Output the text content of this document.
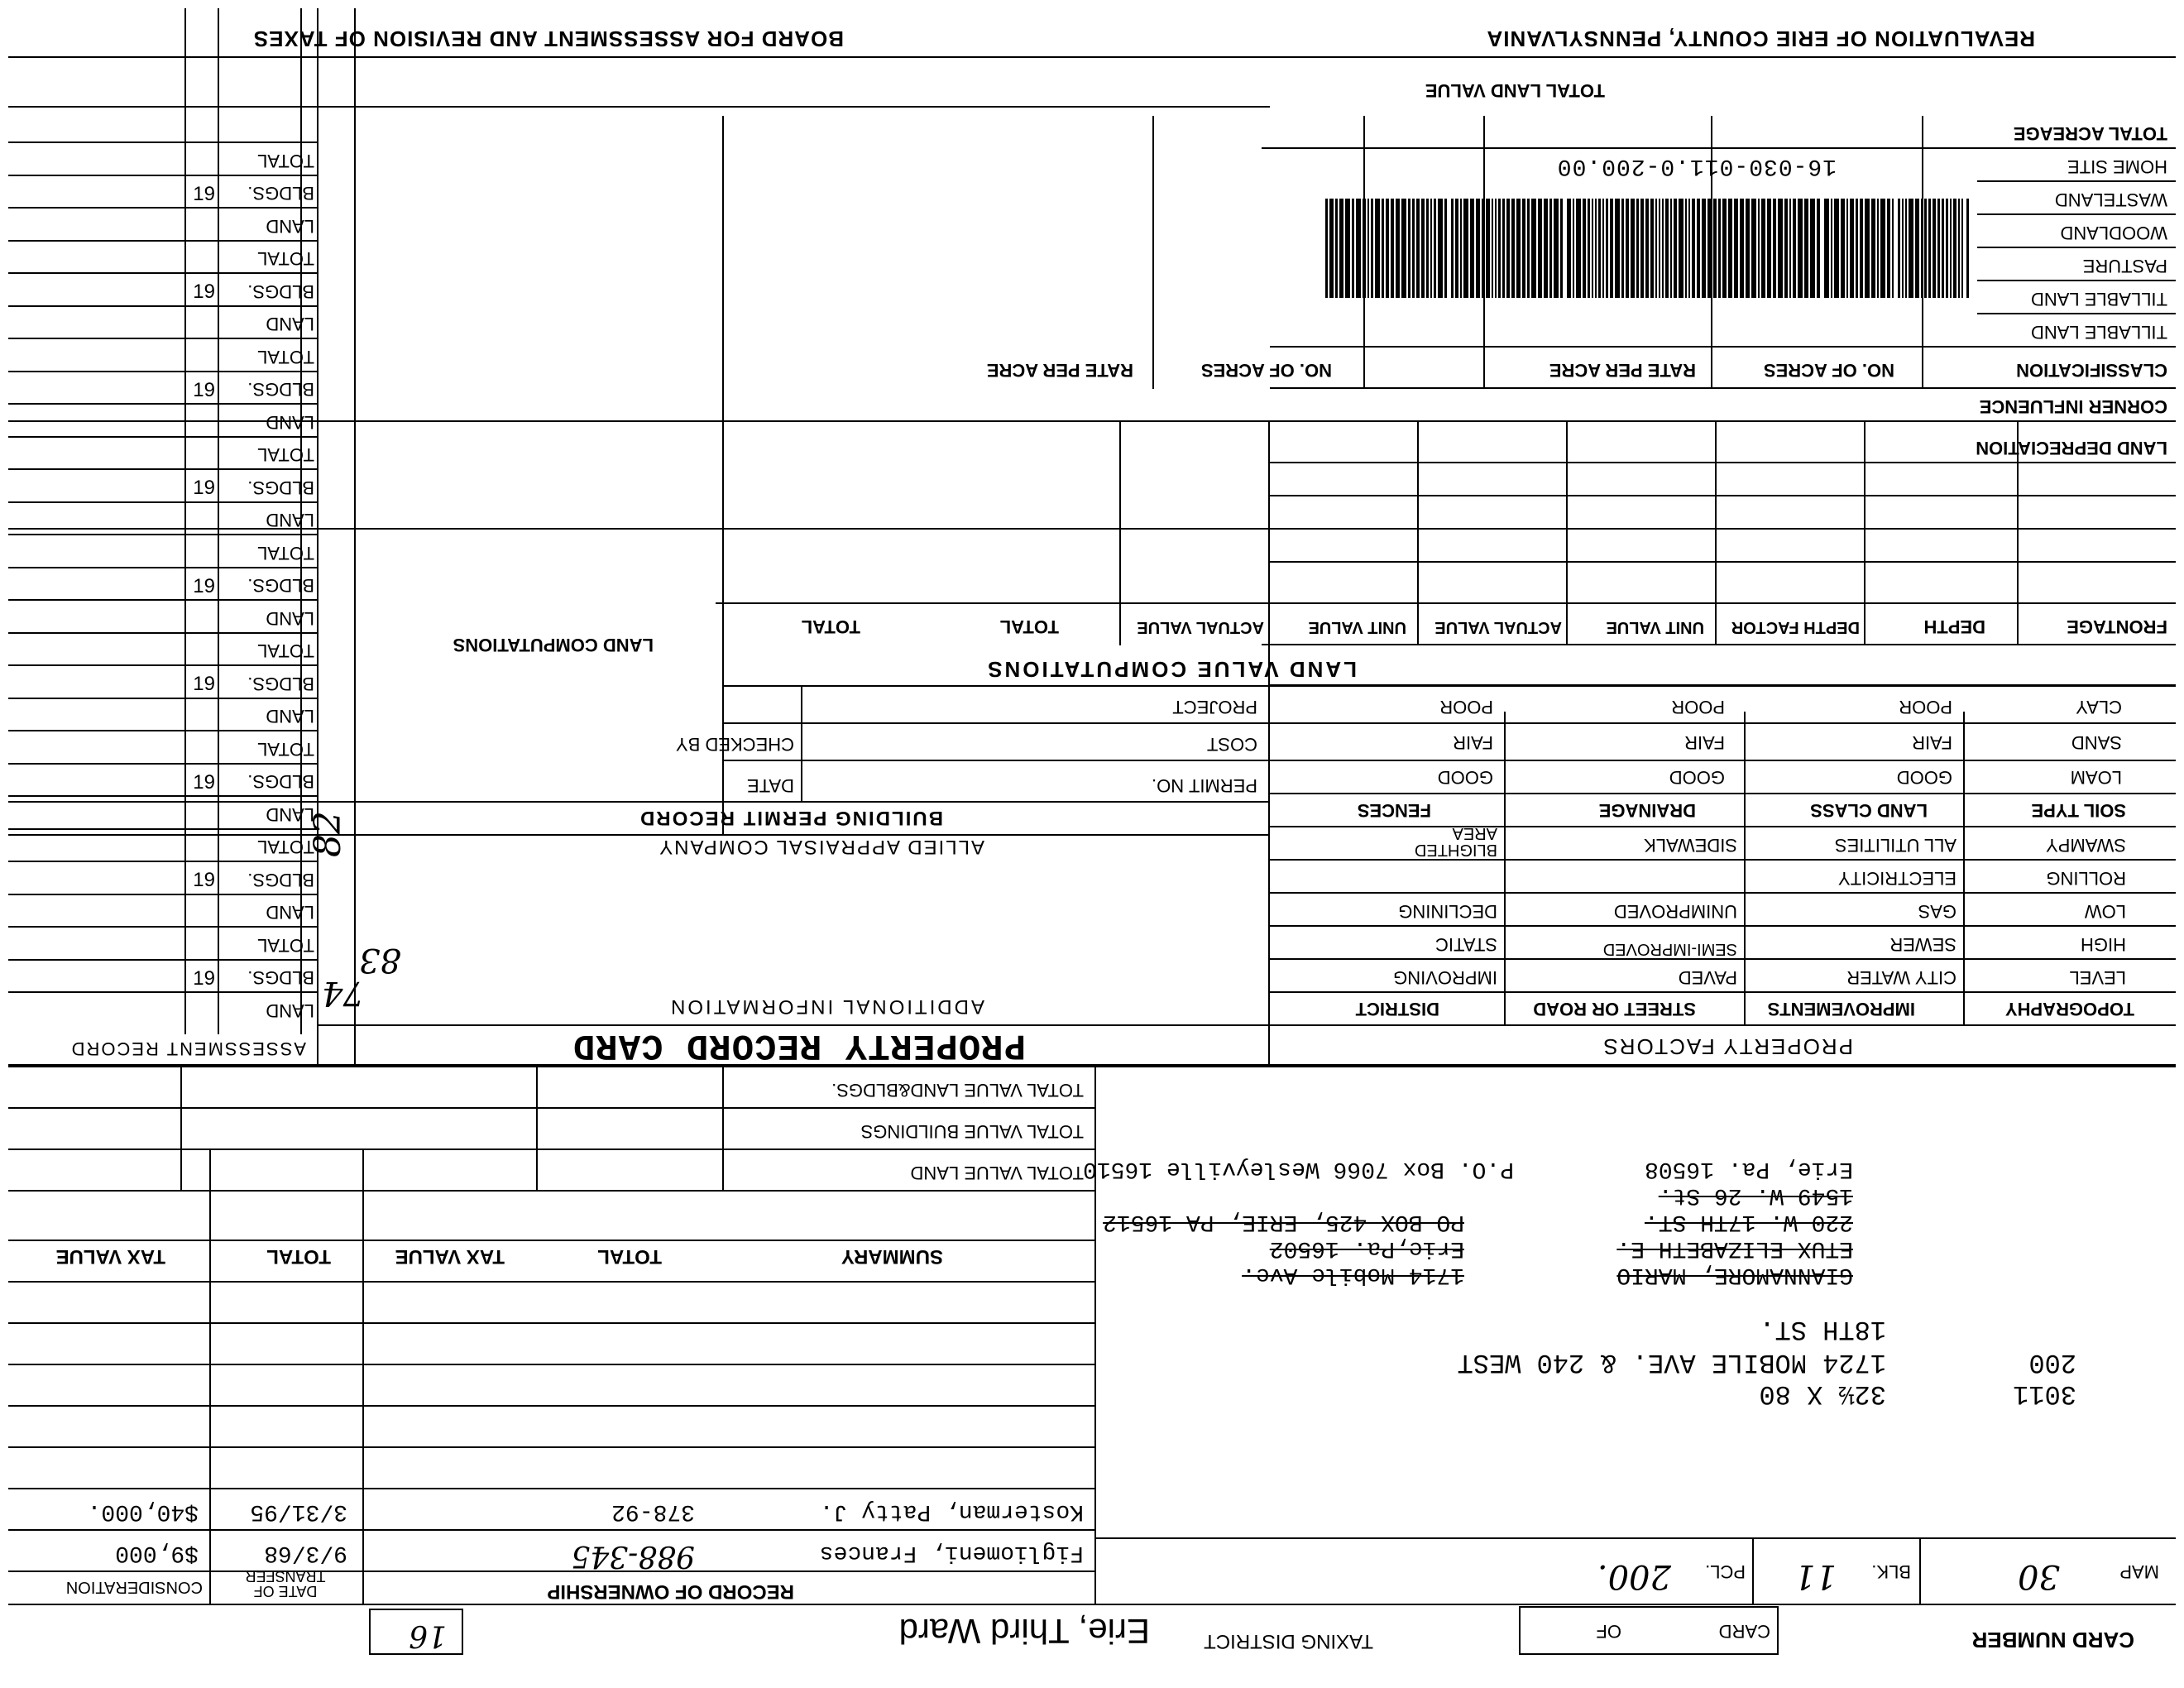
CARD NUMBER
CARD
OF
TAXING DISTRICT
Erie, Third Ward
16
MAP
30
BLK.
11
PCL.
200.
3011
32½ X 80
200
1724 MOBILE AVE. & 240 WEST
18TH ST.
GIANNAMORE, MARIO
ETUX ELIZABETH E.
220 W. 17TH ST.
1549 W. 26 St.
Erie, Pa. 16508
1714 Mobile Ave.
Erie,Pa. 16502
PO BOX 425, ERIE, PA 16512
P.O. Box 7066 Wesleyville 16510
RECORD OF OWNERSHIP
DATE OF TRANSFER
CONSIDERATION
Figliomeni, Frances
988-345
9/3/68
$9,000
Kosterman, Patty J.
378-92
3/31/95
$40,000.
SUMMARY
TOTAL
TAX VALUE
TOTAL
TAX VALUE
TOTAL VALUE LAND
TOTAL VALUE BUILDINGS
TOTAL VALUE LAND&BLDGS.
PROPERTY FACTORS
TOPOGRAPHY
IMPROVEMENTS
STREET OR ROAD
DISTRICT
LEVEL
HIGH
LOW
ROLLING
SWAMPY
CITY WATER
SEWER
GAS
ELECTRICITY
ALL UTILITIES
PAVED
SEMI-IMPROVED
UNIMPROVED
SIDEWALK
IMPROVING
STATIC
DECLINING
BLIGHTED AREA
SOIL TYPE
LAND CLASS
DRAINAGE
FENCES
LOAM
SAND
CLAY
GOOD
FAIR
POOR
GOOD
FAIR
POOR
GOOD
FAIR
POOR
LAND VALUE COMPUTATIONS
FRONTAGE
DEPTH
DEPTH FACTOR
UNIT VALUE
ACTUAL VALUE
UNIT VALUE
ACTUAL VALUE
TOTAL
TOTAL
LAND DEPRECIATION
CORNER INFLUENCE
CLASSIFICATION
NO. OF ACRES
RATE PER ACRE
NO. OF ACRES
RATE PER ACRE
TILLABLE LAND
TILLABLE LAND
PASTURE
WOODLAND
WASTELAND
HOME SITE
TOTAL ACREAGE
TOTAL LAND VALUE
16-030-011.0-200.00
BUILDING PERMIT RECORD
PERMIT NO.
COST
PROJECT
DATE
CHECKED BY
LAND COMPUTATIONS
PROPERTY RECORD CARD
ADDITIONAL INFORMATION
ALLIED APPRAISAL COMPANY
ASSESSMENT RECORD
LAND
BLDGS.
TOTAL
19
LAND
BLDGS.
TOTAL
19
LAND
BLDGS.
TOTAL
19
LAND
BLDGS.
TOTAL
19
LAND
BLDGS.
TOTAL
19
LAND
BLDGS.
TOTAL
19
LAND
BLDGS.
TOTAL
19
LAND
BLDGS.
TOTAL
19
LAND
BLDGS.
TOTAL
19
82
74
83
REVALUATION OF ERIE COUNTY, PENNSYLVANIA
BOARD FOR ASSESSMENT AND REVISION OF TAXES
